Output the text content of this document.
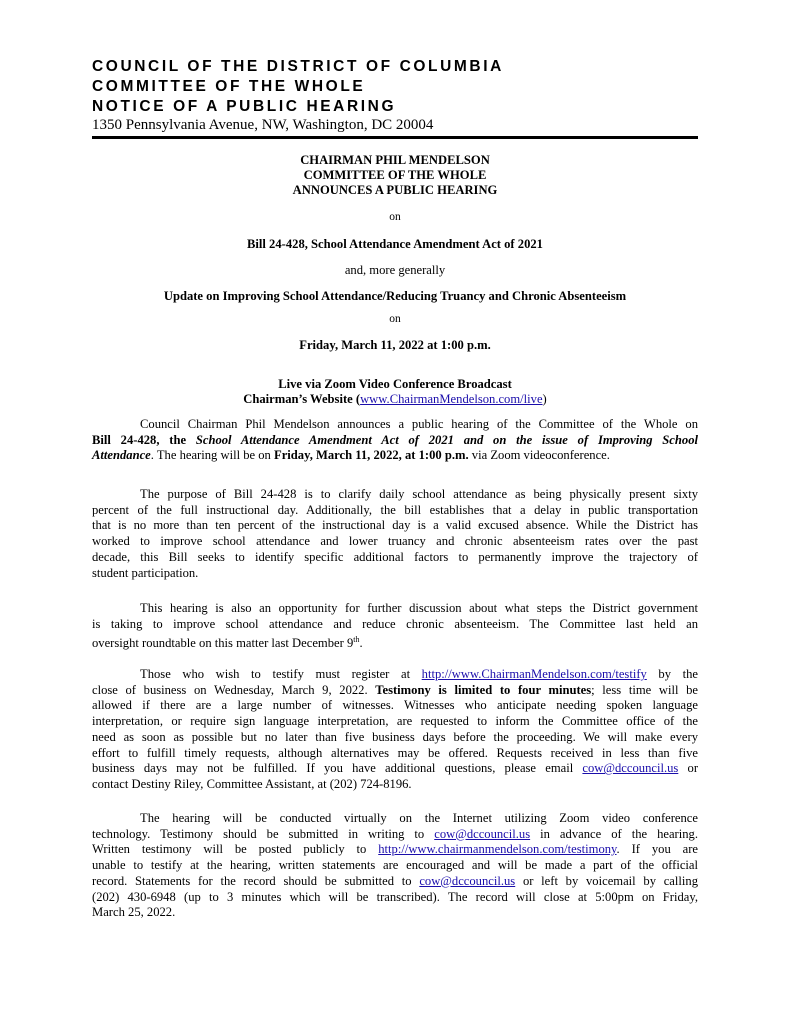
COUNCIL OF THE DISTRICT OF COLUMBIA
COMMITTEE OF THE WHOLE
NOTICE OF A PUBLIC HEARING
1350 Pennsylvania Avenue, NW, Washington, DC 20004
CHAIRMAN PHIL MENDELSON
COMMITTEE OF THE WHOLE
ANNOUNCES A PUBLIC HEARING
on
Bill 24-428, School Attendance Amendment Act of 2021
and, more generally
Update on Improving School Attendance/Reducing Truancy and Chronic Absenteeism
on
Friday, March 11, 2022 at 1:00 p.m.
Live via Zoom Video Conference Broadcast
Chairman’s Website (www.ChairmanMendelson.com/live)
Council Chairman Phil Mendelson announces a public hearing of the Committee of the Whole on
Bill 24-428, the School Attendance Amendment Act of 2021 and on the issue of Improving School
Attendance. The hearing will be on Friday, March 11, 2022, at 1:00 p.m. via Zoom videoconference.
The purpose of Bill 24-428 is to clarify daily school attendance as being physically present sixty
percent of the full instructional day. Additionally, the bill establishes that a delay in public transportation
that is no more than ten percent of the instructional day is a valid excused absence. While the District has
worked to improve school attendance and lower truancy and chronic absenteeism rates over the past
decade, this Bill seeks to identify specific additional factors to permanently improve the trajectory of
student participation.
This hearing is also an opportunity for further discussion about what steps the District government
is taking to improve school attendance and reduce chronic absenteeism. The Committee last held an
oversight roundtable on this matter last December 9th.
Those who wish to testify must register at http://www.ChairmanMendelson.com/testify by the
close of business on Wednesday, March 9, 2022. Testimony is limited to four minutes; less time will be
allowed if there are a large number of witnesses. Witnesses who anticipate needing spoken language
interpretation, or require sign language interpretation, are requested to inform the Committee office of the
need as soon as possible but no later than five business days before the proceeding. We will make every
effort to fulfill timely requests, although alternatives may be offered. Requests received in less than five
business days may not be fulfilled. If you have additional questions, please email cow@dccouncil.us or
contact Destiny Riley, Committee Assistant, at (202) 724-8196.
The hearing will be conducted virtually on the Internet utilizing Zoom video conference
technology. Testimony should be submitted in writing to cow@dccouncil.us in advance of the hearing.
Written testimony will be posted publicly to http://www.chairmanmendelson.com/testimony. If you are
unable to testify at the hearing, written statements are encouraged and will be made a part of the official
record. Statements for the record should be submitted to cow@dccouncil.us or left by voicemail by calling
(202) 430-6948 (up to 3 minutes which will be transcribed). The record will close at 5:00pm on Friday,
March 25, 2022.
